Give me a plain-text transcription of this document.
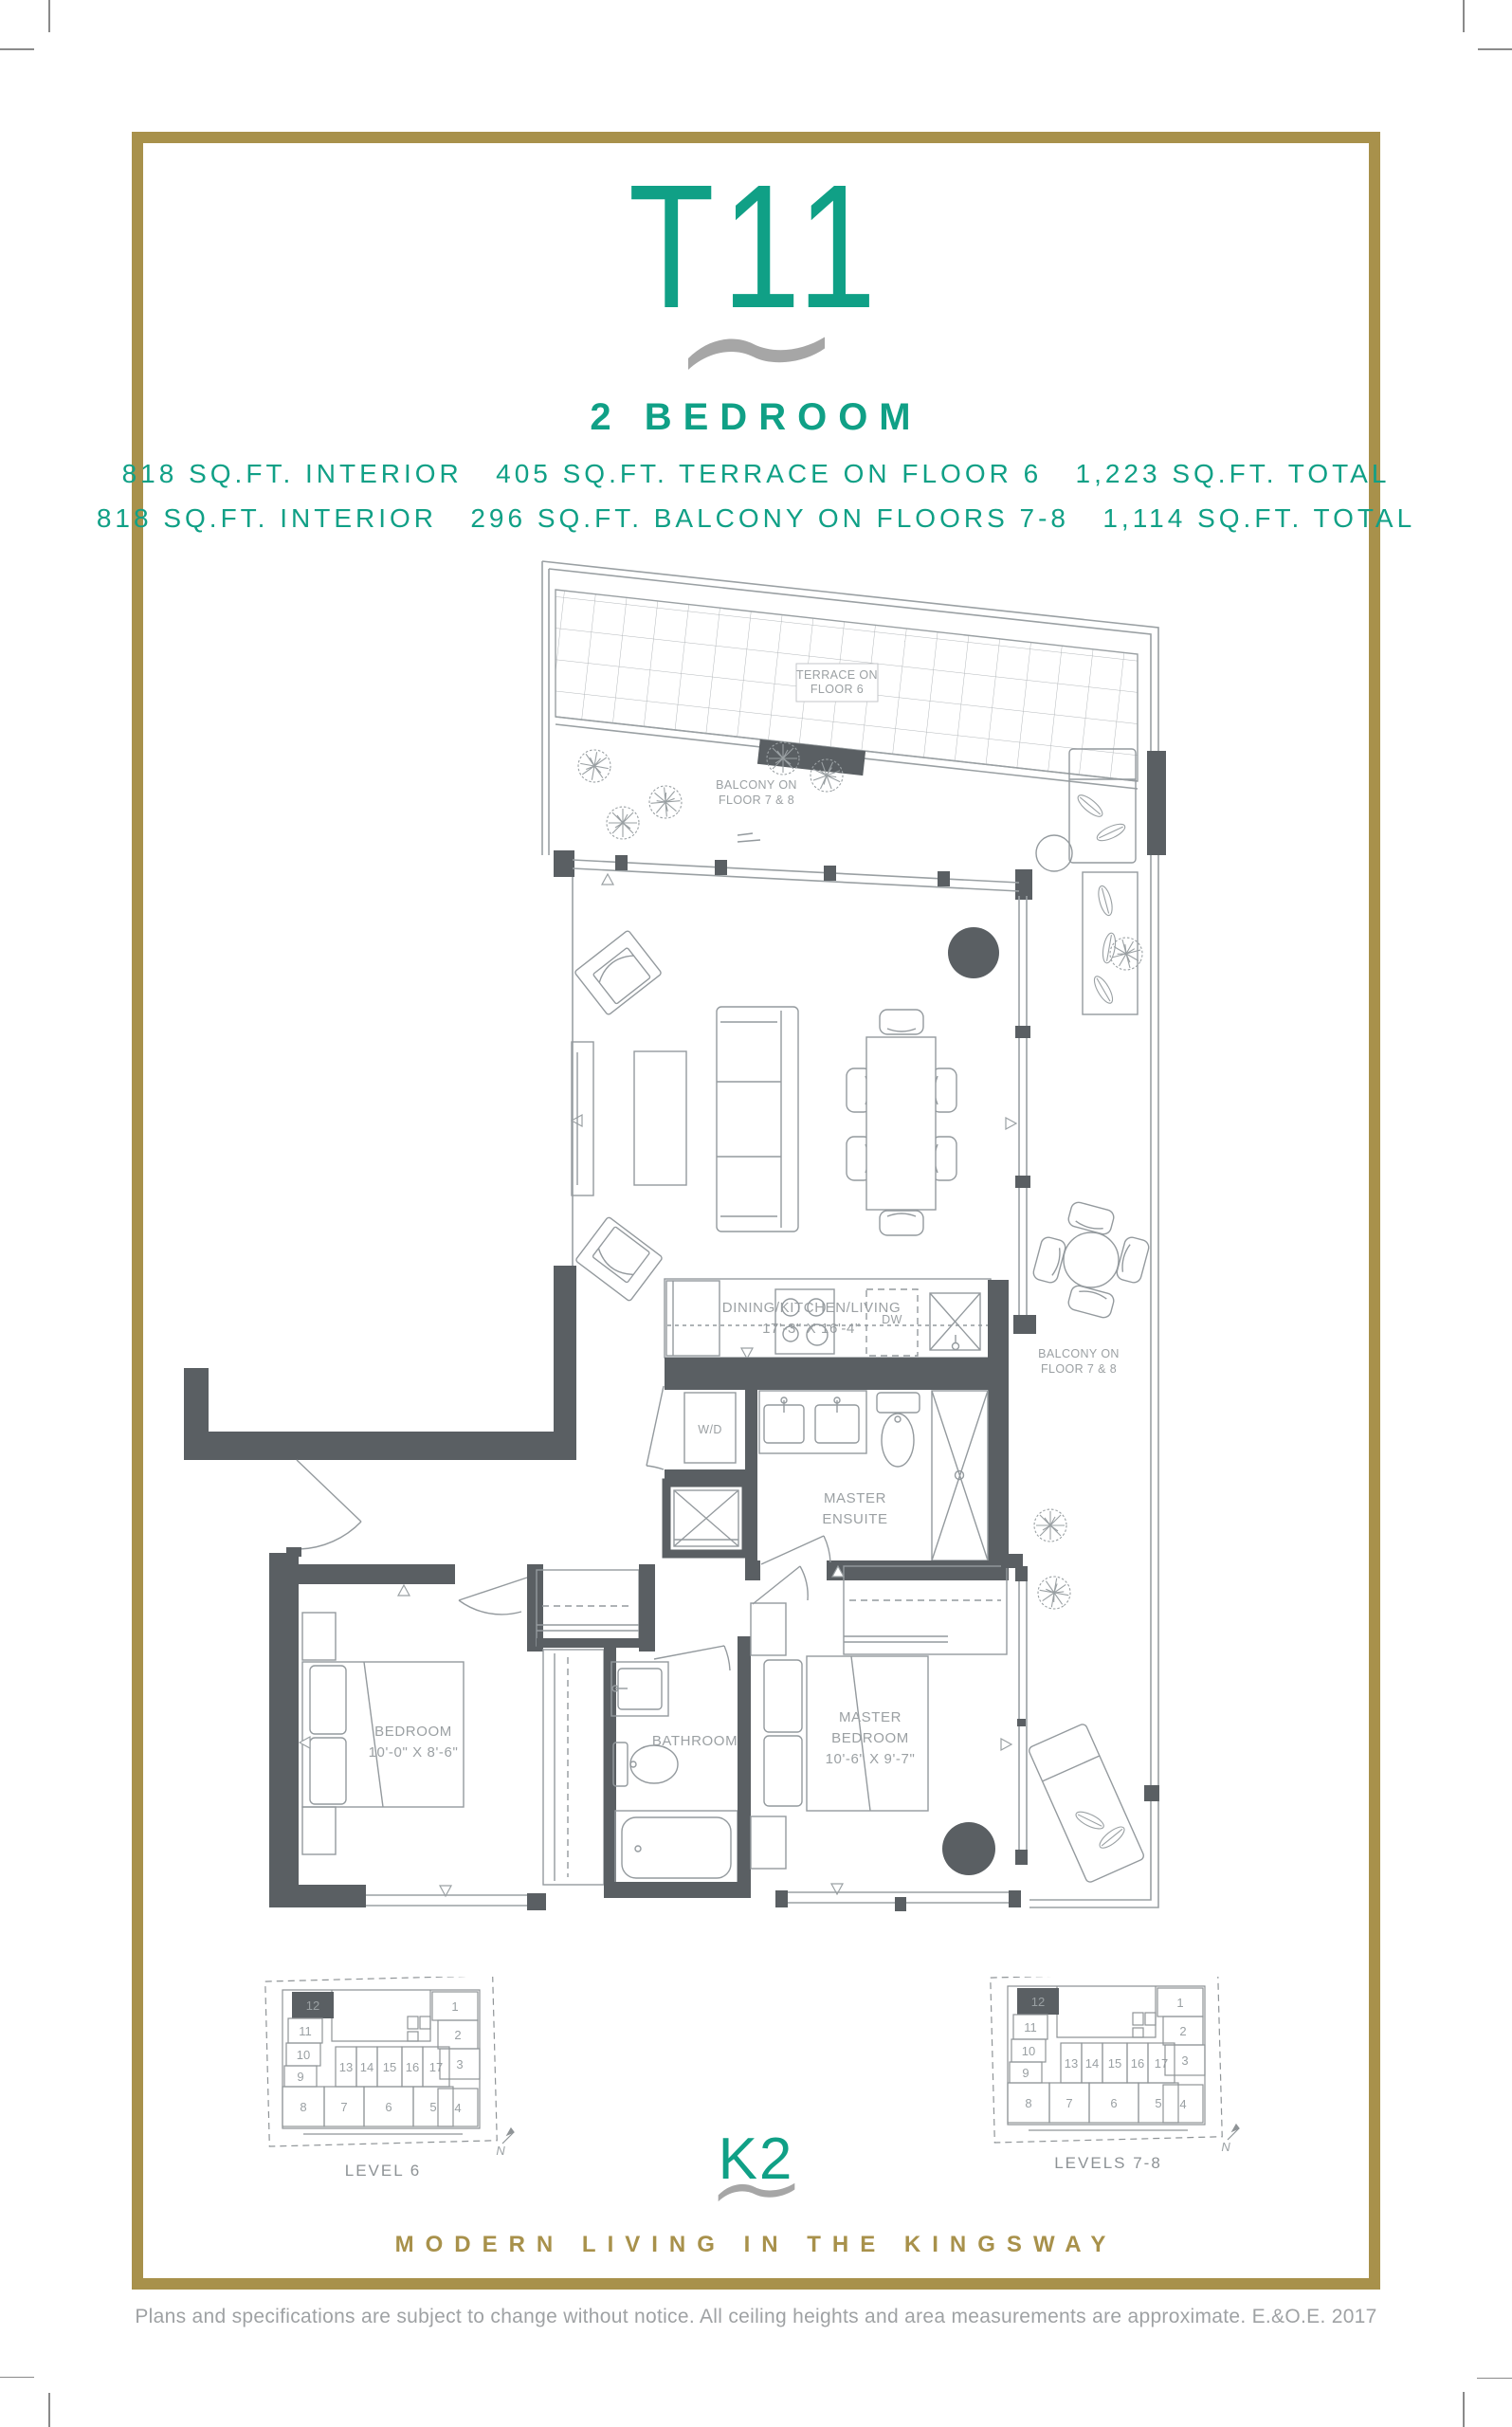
T11
2 BEDROOM
818 SQ.FT. INTERIOR   405 SQ.FT. TERRACE ON FLOOR 6   1,223 SQ.FT. TOTAL
818 SQ.FT. INTERIOR   296 SQ.FT. BALCONY ON FLOORS 7-8   1,114 SQ.FT. TOTAL
TERRACE ON
FLOOR 6
BALCONY ON
FLOOR 7 & 8
DINING/KITCHEN/LIVING
17'-3" X 16'-4"
BALCONY ON
FLOOR 7 & 8
DW
W/D
MASTER
ENSUITE
BEDROOM
10'-0" X 8'-6"
BATHROOM
MASTER
BEDROOM
10'-6" X 9'-7"
12
11
10
9
8
13 14 15 16 17
1
2
3
4
7	6	5
N
LEVEL 6
12
11
10
9
8
13 14 15 16 17
1
2
3
4
7	6	5
N
LEVELS 7-8
K2
MODERN LIVING IN THE KINGSWAY
Plans and specifications are subject to change without notice. All ceiling heights and area measurements are approximate. E.&O.E. 2017
